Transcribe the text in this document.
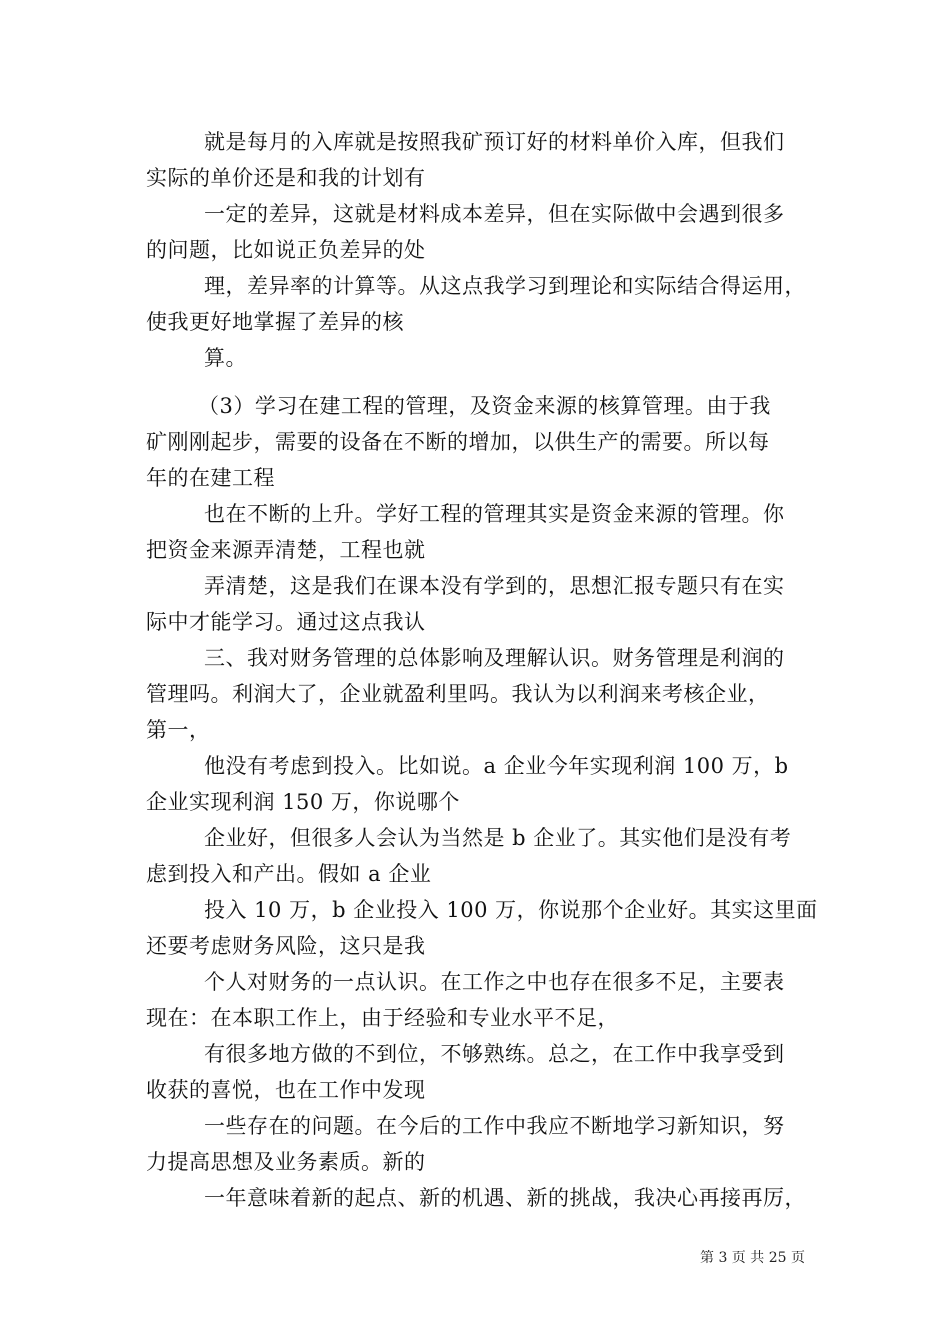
就是每月的入库就是按照我矿预订好的材料单价入库，但我们
实际的单价还是和我的计划有

一定的差异，这就是材料成本差异，但在实际做中会遇到很多
的问题，比如说正负差异的处

理，差异率的计算等。从这点我学习到理论和实际结合得运用，
使我更好地掌握了差异的核

算。

（3）学习在建工程的管理，及资金来源的核算管理。由于我
矿刚刚起步，需要的设备在不断的增加，以供生产的需要。所以每
年的在建工程

也在不断的上升。学好工程的管理其实是资金来源的管理。你
把资金来源弄清楚，工程也就

弄清楚，这是我们在课本没有学到的，思想汇报专题只有在实
际中才能学习。通过这点我认

三、我对财务管理的总体影响及理解认识。财务管理是利润的
管理吗。利润大了，企业就盈利里吗。我认为以利润来考核企业，
第一，

他没有考虑到投入。比如说。a 企业今年实现利润 100 万，b
企业实现利润 150 万，你说哪个

企业好，但很多人会认为当然是 b 企业了。其实他们是没有考
虑到投入和产出。假如 a 企业

投入 10 万，b 企业投入 100 万，你说那个企业好。其实这里面
还要考虑财务风险，这只是我

个人对财务的一点认识。在工作之中也存在很多不足，主要表
现在：在本职工作上，由于经验和专业水平不足，

有很多地方做的不到位，不够熟练。总之，在工作中我享受到
收获的喜悦，也在工作中发现

一些存在的问题。在今后的工作中我应不断地学习新知识，努
力提高思想及业务素质。新的

一年意味着新的起点、新的机遇、新的挑战，我决心再接再厉，

第 3 页 共 25 页
